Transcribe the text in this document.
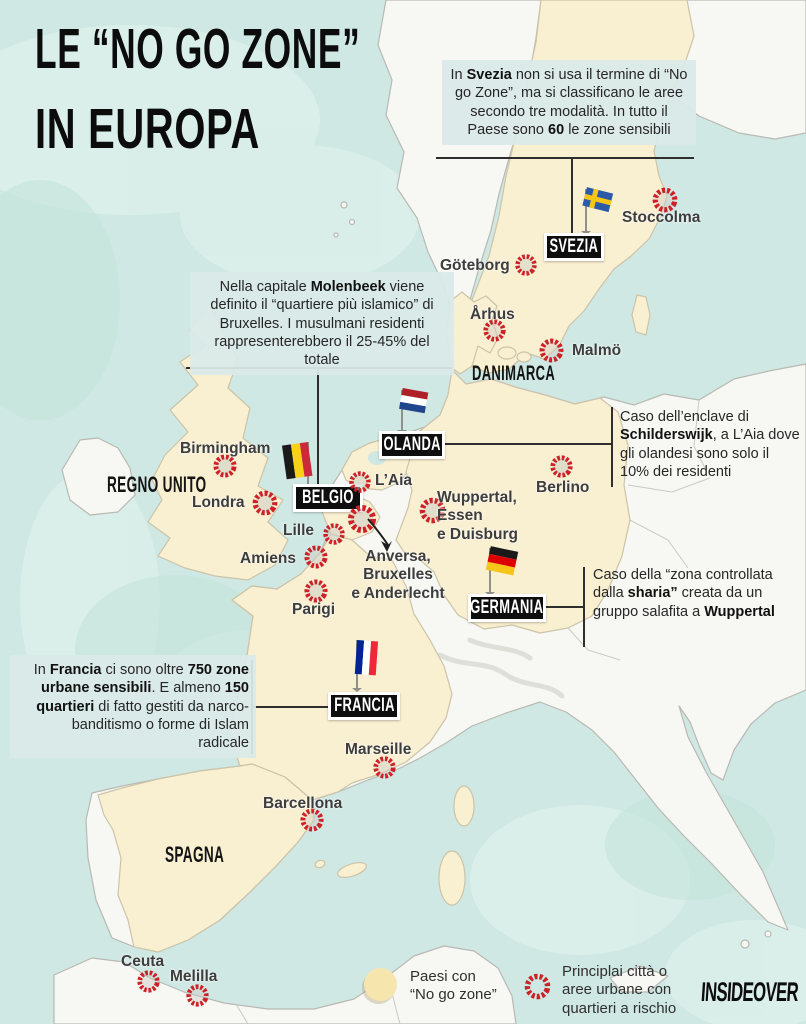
LE “NO GO ZONE”
IN EUROPA
In Svezia non si usa il termine di “No go Zone”, ma si classificano le aree secondo tre modalità. In tutto il Paese sono 60 le zone sensibili
Nella capitale Molenbeek viene definito il “quartiere più islamico” di Bruxelles. I musulmani residenti rappresenterebbero il 25-45% del totale
Caso dell’enclave di Schilderswijk, a L’Aia dove gli olandesi sono solo il 10% dei residenti
Caso della “zona controllata dalla sharia” creata da un gruppo salafita a Wuppertal
In Francia ci sono oltre 750 zone urbane sensibili. E almeno 150 quartieri di fatto gestiti da narco-banditismo o forme di Islam radicale
SVEZIA
OLANDA
BELGIO
GERMANIA
FRANCIA
REGNO UNITO
DANIMARCA
SPAGNA
Stoccolma
Göteborg
Århus
Malmö
Birmingham
Londra
L’Aia
Lille
Amiens
Parigi
Wuppertal,
Essen
e Duisburg
Berlino
Anversa,
Bruxelles
e Anderlecht
Marseille
Barcellona
Ceuta
Melilla	Paesi con
“No go zone”
Principlai città o
aree urbane con
quartieri a rischio
INSIDEOVER
